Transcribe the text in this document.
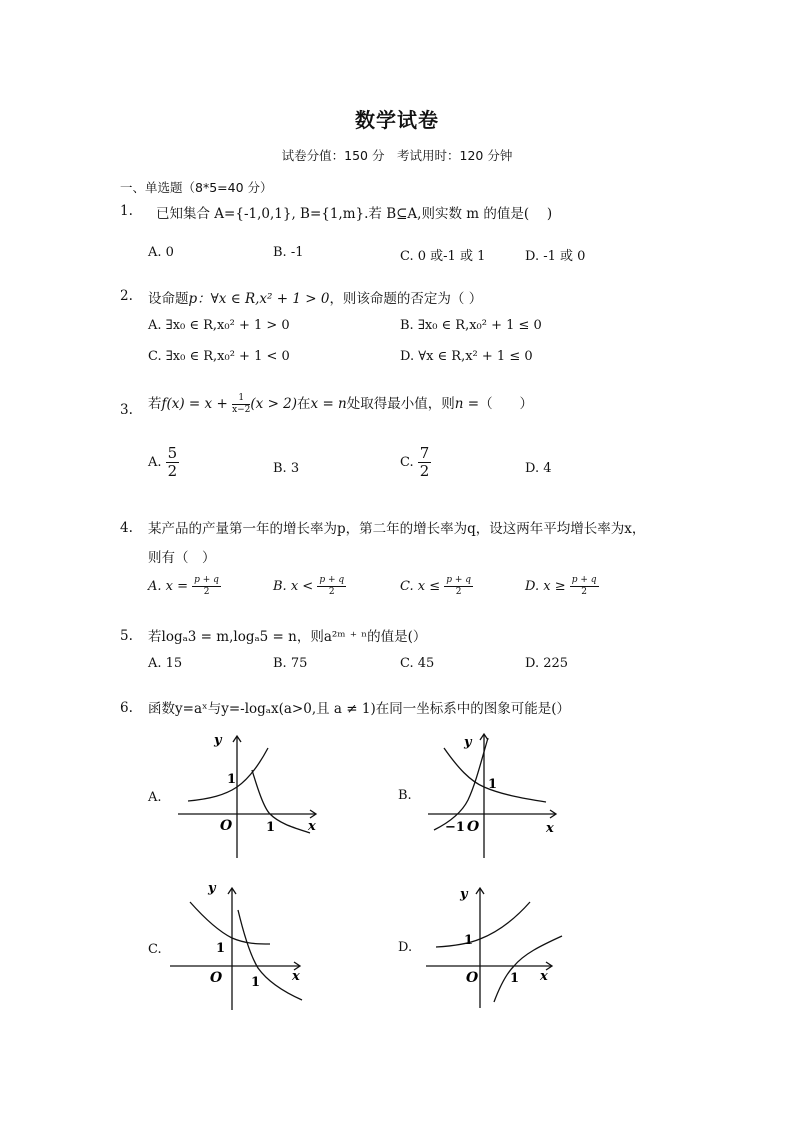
数学试卷
试卷分值：150 分　考试用时：120 分钟
一、单选题（8*5=40 分）
1. 已知集合 A={-1,0,1}, B={1,m}.若 B⊆A,则实数 m 的值是(　 )
A. 0	B. -1	C. 0 或-1 或 1	D. -1 或 0
2. 设命题p：∀x ∈ R,x² + 1 > 0，则该命题的否定为（ ）
A. ∃x₀ ∈ R,x₀² + 1 > 0	B. ∃x₀ ∈ R,x₀² + 1 ≤ 0
C. ∃x₀ ∈ R,x₀² + 1 < 0	D. ∀x ∈ R,x² + 1 ≤ 0
3. 若$f(x) = x + \frac{1}{x-2} (x > 2)$在x = n处取得最小值，则n =（　　）
A. $\frac{5}{2}$	B. 3	C. $\frac{7}{2}$	D. 4
4. 某产品的产量第一年的增长率为p，第二年的增长率为q，设这两年平均增长率为x，
则有（　）
A. $x = \frac{p + q}{2}$	B. $x < \frac{p + q}{2}$	C. $x \le \frac{p + q}{2}$	D. $x \ge \frac{p + q}{2}$
5. 若logₐ3 = m,logₐ5 = n，则a²ᵐ ⁺ ⁿ的值是(）
A. 15	B. 75	C. 45	D. 225
6. 函数y=aˣ与y=-logₐx(a>0,且 a ≠ 1)在同一坐标系中的图象可能是(）
A.
y
x
O
1
1
B.
y
x
O
1
−1
C.
y
x
O
1
1
D.
y
x
O
1
1
